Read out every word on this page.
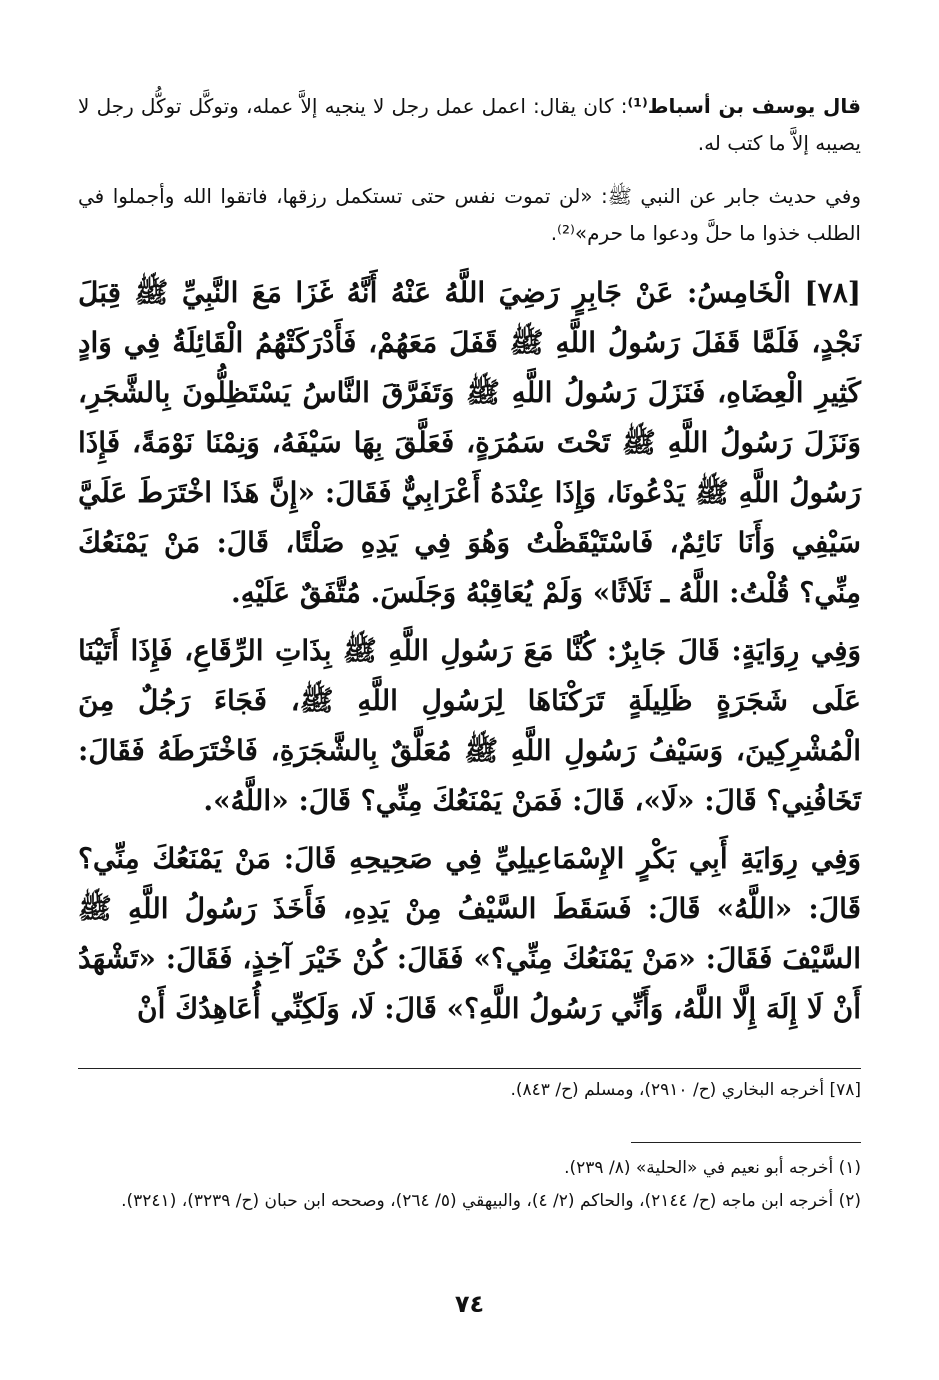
قال يوسف بن أسباط⁽¹⁾: كان يقال: اعمل عمل رجل لا ينجيه إلاَّ عمله، وتوكَّل توكُّل رجل لا يصيبه إلاَّ ما كتب له.

وفي حديث جابر عن النبي ﷺ: «لن تموت نفس حتى تستكمل رزقها، فاتقوا الله وأجملوا في الطلب خذوا ما حلَّ ودعوا ما حرم»⁽²⁾.

[٧٨] الْخَامِسُ: عَنْ جَابِرٍ رَضِيَ اللَّهُ عَنْهُ أَنَّهُ غَزَا مَعَ النَّبِيِّ ﷺ قِبَلَ نَجْدٍ، فَلَمَّا قَفَلَ رَسُولُ اللَّهِ ﷺ قَفَلَ مَعَهُمْ، فَأَدْرَكَتْهُمُ الْقَائِلَةُ فِي وَادٍ كَثِيرِ الْعِضَاهِ، فَنَزَلَ رَسُولُ اللَّهِ ﷺ وَتَفَرَّقَ النَّاسُ يَسْتَظِلُّونَ بِالشَّجَرِ، وَنَزَلَ رَسُولُ اللَّهِ ﷺ تَحْتَ سَمُرَةٍ، فَعَلَّقَ بِهَا سَيْفَهُ، وَنِمْنَا نَوْمَةً، فَإِذَا رَسُولُ اللَّهِ ﷺ يَدْعُونَا، وَإِذَا عِنْدَهُ أَعْرَابِيٌّ فَقَالَ: «إِنَّ هَذَا اخْتَرَطَ عَلَيَّ سَيْفِي وَأَنَا نَائِمٌ، فَاسْتَيْقَظْتُ وَهُوَ فِي يَدِهِ صَلْتًا، قَالَ: مَنْ يَمْنَعُكَ مِنِّي؟ قُلْتُ: اللَّهُ ـ ثَلَاثًا» وَلَمْ يُعَاقِبْهُ وَجَلَسَ. مُتَّفَقٌ عَلَيْهِ.

وَفِي رِوَايَةٍ: قَالَ جَابِرٌ: كُنَّا مَعَ رَسُولِ اللَّهِ ﷺ بِذَاتِ الرِّقَاعِ، فَإِذَا أَتَيْنَا عَلَى شَجَرَةٍ ظَلِيلَةٍ تَرَكْنَاهَا لِرَسُولِ اللَّهِ ﷺ، فَجَاءَ رَجُلٌ مِنَ الْمُشْرِكِينَ، وَسَيْفُ رَسُولِ اللَّهِ ﷺ مُعَلَّقٌ بِالشَّجَرَةِ، فَاخْتَرَطَهُ فَقَالَ: تَخَافُنِي؟ قَالَ: «لَا»، قَالَ: فَمَنْ يَمْنَعُكَ مِنِّي؟ قَالَ: «اللَّهُ».

وَفِي رِوَايَةِ أَبِي بَكْرٍ الإِسْمَاعِيلِيِّ فِي صَحِيحِهِ قَالَ: مَنْ يَمْنَعُكَ مِنِّي؟ قَالَ: «اللَّهُ» قَالَ: فَسَقَطَ السَّيْفُ مِنْ يَدِهِ، فَأَخَذَ رَسُولُ اللَّهِ ﷺ السَّيْفَ فَقَالَ: «مَنْ يَمْنَعُكَ مِنِّي؟» فَقَالَ: كُنْ خَيْرَ آخِذٍ، فَقَالَ: «تَشْهَدُ أَنْ لَا إِلَهَ إِلَّا اللَّهُ، وَأَنِّي رَسُولُ اللَّهِ؟» قَالَ: لَا، وَلَكِنِّي أُعَاهِدُكَ أَنْ

[٧٨] أخرجه البخاري (ح/ ٢٩١٠)، ومسلم (ح/ ٨٤٣).

(١) أخرجه أبو نعيم في «الحلية» (٨/ ٢٣٩).

(٢) أخرجه ابن ماجه (ح/ ٢١٤٤)، والحاكم (٢/ ٤)، والبيهقي (٥/ ٢٦٤)، وصححه ابن حبان (ح/ ٣٢٣٩)، (٣٢٤١).

٧٤
